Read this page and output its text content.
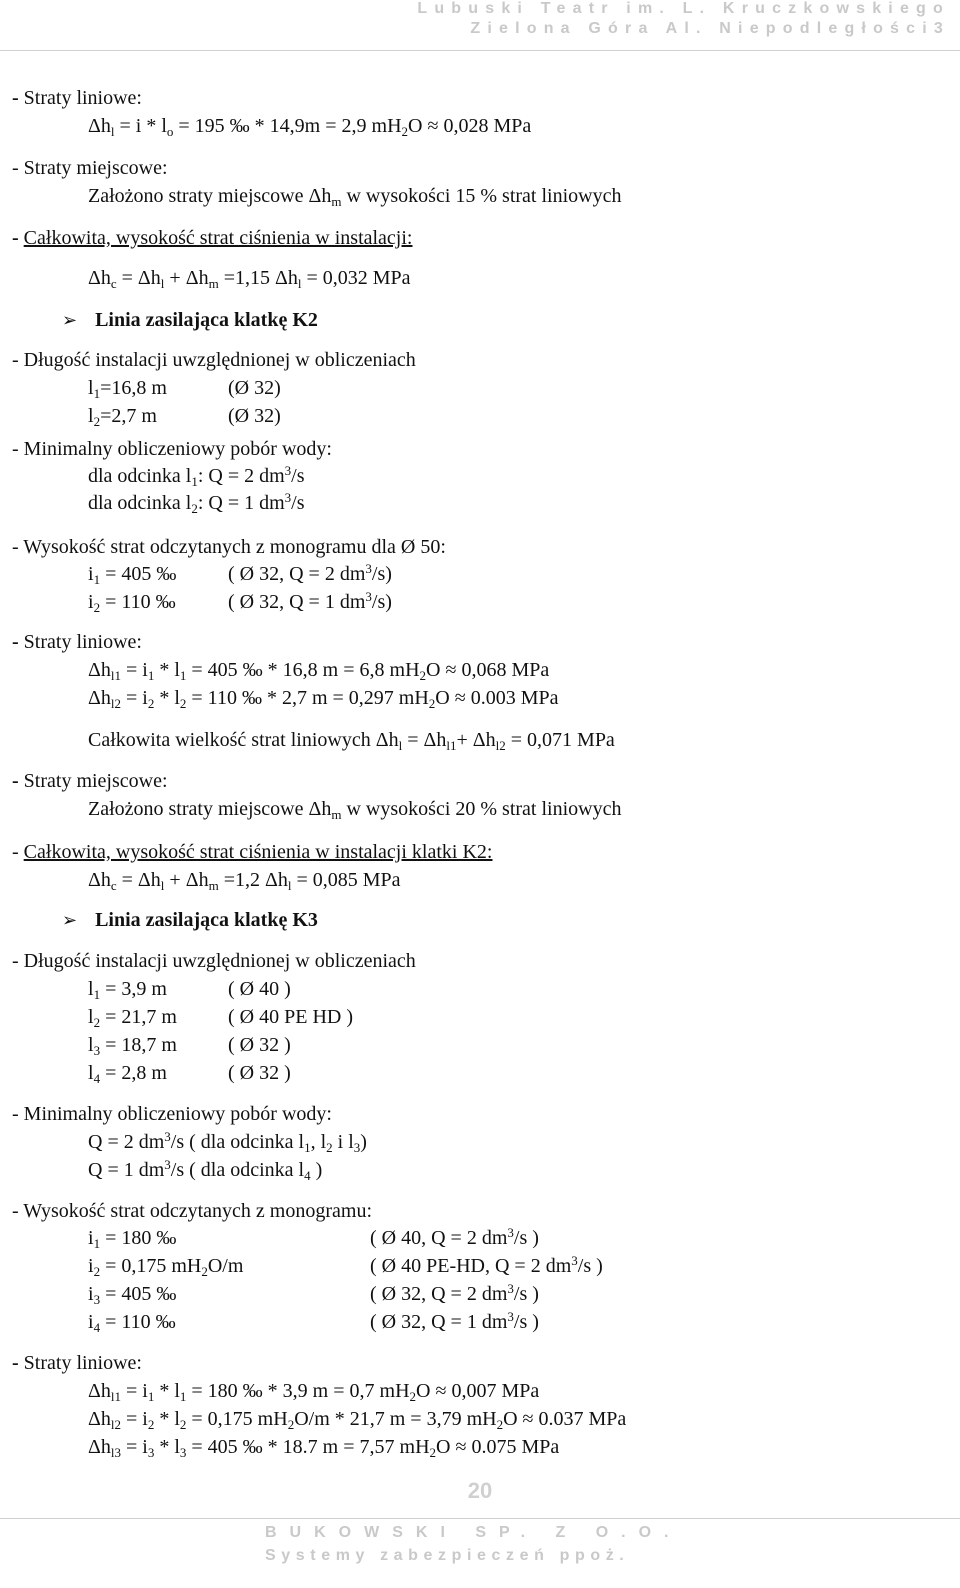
Lubuski Teatr im. L. Kruczkowskiego
Zielona Góra Al. Niepodległości3
- Straty liniowe:
$\Delta h_l = i * l_o = 195$ ‰ * 14,9m = 2,9 $mH_2O \approx 0,028$ MPa
- Straty miejscowe:
Założono straty miejscowe $\Delta h_m$ w wysokości 15 % strat liniowych
- Całkowita, wysokość strat ciśnienia w instalacji:
$\Delta h_c = \Delta h_l + \Delta h_m =1,15$ $\Delta h_l = 0,032$ MPa
➢ Linia zasilająca klatkę K2
- Długość instalacji uwzględnionej w obliczeniach
$l_1=16,8$ m	(Ø 32)
$l_2=2,7$ m	(Ø 32)
- Minimalny obliczeniowy pobór wody:
dla odcinka $l_1$: Q = 2 $dm^3/s$
dla odcinka $l_2$: Q = 1 $dm^3/s$
- Wysokość strat odczytanych z monogramu dla Ø 50:
$i_1 = 405$ ‰	( Ø 32, Q = 2 $dm^3/s$)
$i_2 = 110$ ‰	( Ø 32, Q = 1 $dm^3/s$)
- Straty liniowe:
$\Delta h_{l1} = i_1 * l_1 = 405$ ‰ * 16,8 m = 6,8 $mH_2O \approx 0,068$ MPa
$\Delta h_{l2} = i_2 * l_2 = 110$ ‰ * 2,7 m = 0,297 $mH_2O \approx 0.003$ MPa
Całkowita wielkość strat liniowych $\Delta h_l = \Delta h_{l1}+ \Delta h_{l2} = 0,071$ MPa
- Straty miejscowe:
Założono straty miejscowe $\Delta h_m$ w wysokości 20 % strat liniowych
- Całkowita, wysokość strat ciśnienia w instalacji klatki K2:
$\Delta h_c = \Delta h_l + \Delta h_m =1,2$ $\Delta h_l = 0,085$ MPa
➢ Linia zasilająca klatkę K3
- Długość instalacji uwzględnionej w obliczeniach
$l_1 = 3,9$ m	( Ø 40 )
$l_2 = 21,7$ m	( Ø 40 PE HD )
$l_3 = 18,7$ m	( Ø 32 )
$l_4 = 2,8$ m	( Ø 32 )
- Minimalny obliczeniowy pobór wody:
Q = 2 $dm^3/s$ ( dla odcinka $l_1$, $l_2$ i $l_3$)
Q = 1 $dm^3/s$ ( dla odcinka $l_4$ )
- Wysokość strat odczytanych z monogramu:
$i_1 = 180$ ‰	( Ø 40, Q = 2 $dm^3/s$ )
$i_2 = 0,175$ $mH_2O/m$	( Ø 40 PE-HD, Q = 2 $dm^3/s$ )
$i_3 = 405$ ‰	( Ø 32, Q = 2 $dm^3/s$ )
$i_4 = 110$ ‰	( Ø 32, Q = 1 $dm^3/s$ )
- Straty liniowe:
$\Delta h_{l1} = i_1 * l_1 = 180$ ‰ * 3,9 m = 0,7 $mH_2O \approx 0,007$ MPa
$\Delta h_{l2} = i_2 * l_2 = 0,175$ $mH_2O/m * 21,7$ m = 3,79 $mH_2O \approx 0.037$ MPa
$\Delta h_{l3} = i_3 * l_3 = 405$ ‰ * 18.7 m = 7,57 $mH_2O \approx 0.075$ MPa
20
BUKOWSKI SP. Z O.O.
Systemy zabezpieczeń ppoż.
